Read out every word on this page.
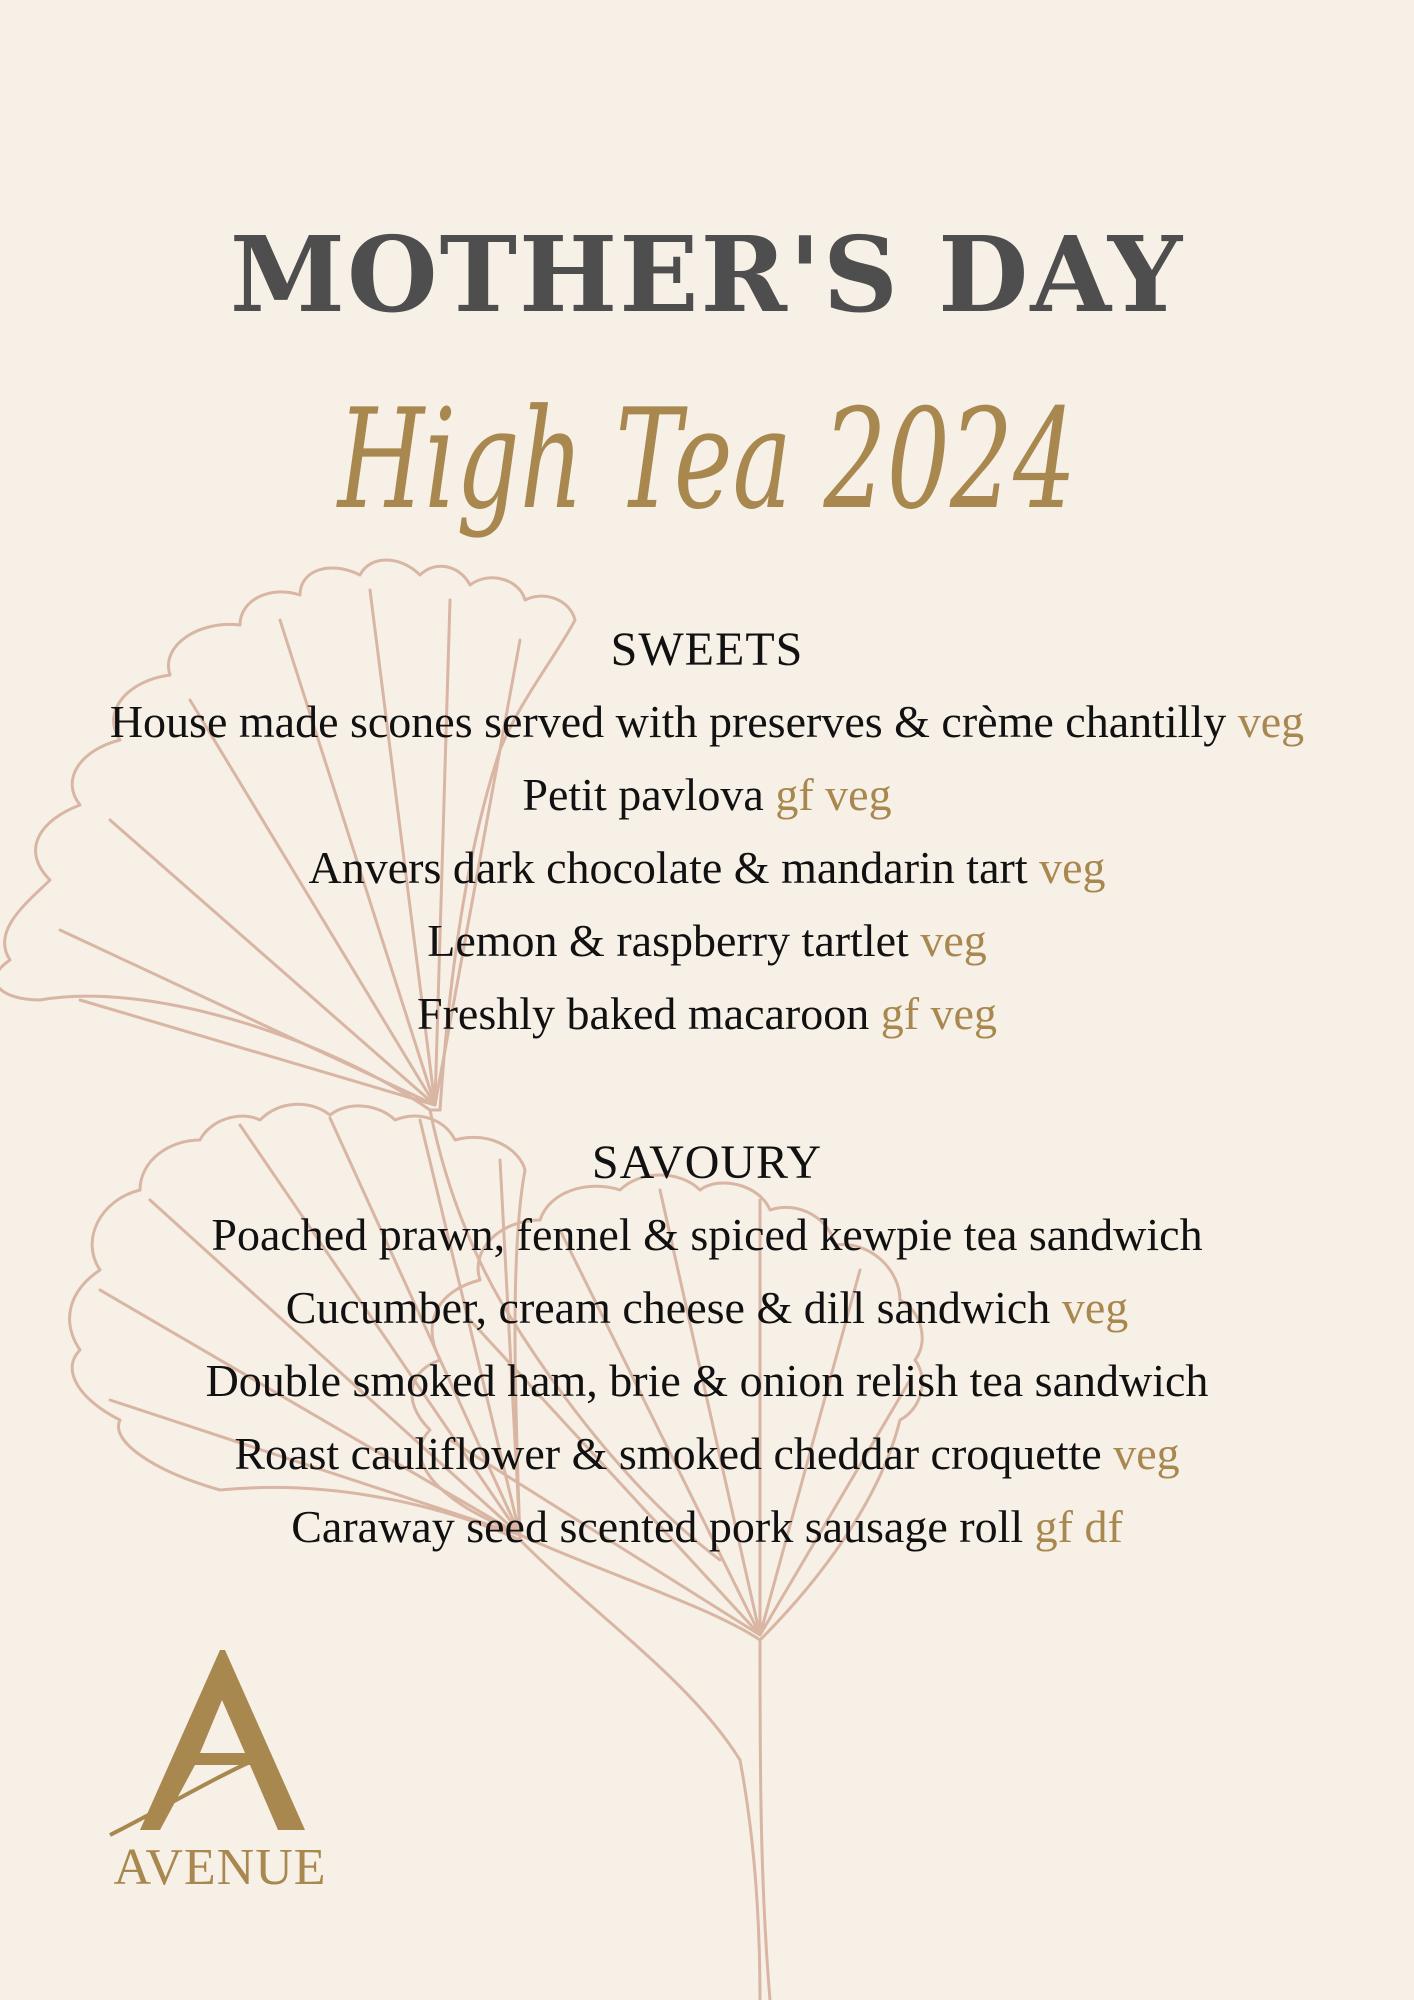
MOTHER'S DAY
High Tea 2024
SWEETS
House made scones served with preserves & crème chantilly veg
Petit pavlova gf veg
Anvers dark chocolate & mandarin tart veg
Lemon & raspberry tartlet veg
Freshly baked macaroon gf veg
SAVOURY
Poached prawn, fennel & spiced kewpie tea sandwich
Cucumber, cream cheese & dill sandwich veg
Double smoked ham, brie & onion relish tea sandwich
Roast cauliflower & smoked cheddar croquette veg
Caraway seed scented pork sausage roll gf df
AVENUE
